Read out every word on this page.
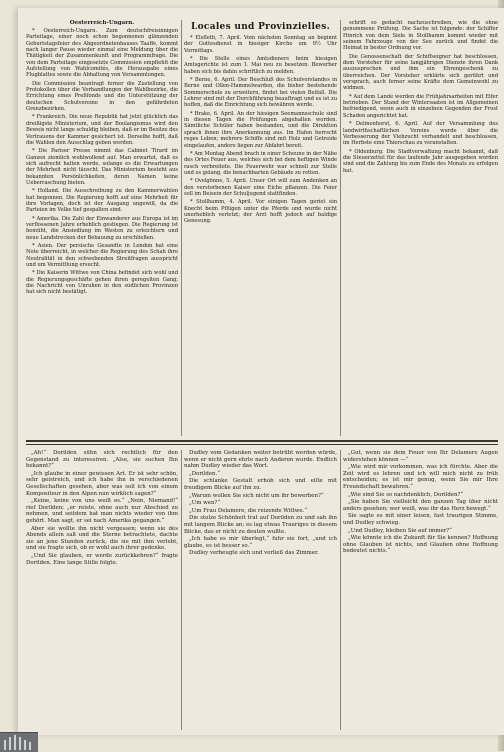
Oesterreich-Ungarn.

* Oesterreich-Ungarn. Zum deutschfreisinnigen Parteitage, einer noch schon begonnenen glänzenden Geburtstagsfeier des Abgeordnetenhauses Taaffe, kommt nach langer Pause wieder einmal eine Meldung über die Thätigkeit der Zusammenkunft und Programmfrage. Die von dem Parteitage eingesetzte Commission empfiehlt die Aufstellung von Wahlcomités, die Herausgabe eines Flugblattes sowie die Abhaltung von Versammlungen.

Die Commission beantragt ferner die Zustellung von Protokollen über die Verhandlungen der Wahlbezirke, die Errichtung eines Preßfonds und die Unterstützung der deutschen Schulvereine in den gefährdeten Grenzbezirken.

* Frankreich. Die neue Republik hat jetzt glücklich das dreißigste Ministerium, und der Boulangismus wird den Beweis nicht lange schuldig bleiben, daß er im Besitze des Vertrauens der Kammer gesichert ist. Derselbe hofft, daß die Wahlen den Ausschlag geben werden.

* Die Pariser Presse nimmt das Cabinet Tirard im Ganzen ziemlich wohlwollend auf. Man erwartet, daß es sich aufrecht halten werde, solange es die Erwartungen der Mehrheit nicht täuscht. Das Ministerium besteht aus bekannten Persönlichkeiten, deren Namen keine Ueberraschung bieten.

* Holland. Die Ausschreibung zu den Kammerwahlen hat begonnen. Die Regierung hofft auf eine Mehrheit für ihre Vorlagen, doch ist der Ausgang ungewiß, da die Parteien im Volke tief gespalten sind.

* Amerika. Die Zahl der Einwanderer aus Europa ist im verflossenen Jahre erheblich gestiegen. Die Regierung ist bemüht, die Ansiedlung im Westen zu erleichtern und neue Landstrecken der Bebauung zu erschließen.

* Asien. Der persische Gesandte in London hat eine Note überreicht, in welcher die Regierung des Schah ihre Neutralität in den schwebenden Streitfragen ausspricht und um Vermittlung ersucht.

* Die Kaiserin Wittwe von China befindet sich wohl und die Regierungsgeschäfte gehen ihren geregelten Gang; die Nachricht von Unruhen in den südlichen Provinzen hat sich nicht bestätigt.

Locales und Provinzielles.

* Elsfleth, 7. April. Vom nächsten Sonntag an beginnt der Gottesdienst in hiesiger Kirche um 9½ Uhr Vormittags.

* Die Stelle eines Amtsdieners beim hiesigen Amtsgerichte ist zum 1. Mai neu zu besetzen. Bewerber haben sich bis dahin schriftlich zu melden.

* Berne, 6. April. Der Beschluß des Schulvorstandes in Berne und Ollen-Hammelwarden, die bisher bestehende Sommerschule zu erweitern, findet bei vielen Beifall. Die Lehrer sind mit der Durchführung beauftragt und es ist zu hoffen, daß die Einrichtung sich bewähren werde.

* Brake, 6. April. An der hiesigen Seemannsschule sind in diesen Tagen die Prüfungen abgehalten worden. Sämtliche Schüler haben bestanden, und die Direktion sprach ihnen ihre Anerkennung aus. Im Hafen herrscht reges Leben; mehrere Schiffe sind mit Holz und Getreide eingelaufen, andere liegen zur Abfahrt bereit.

* Am Montag Abend brach in einer Scheune in der Nähe des Ortes Feuer aus, welches sich bei dem heftigen Winde rasch verbreitete. Die Feuerwehr war schnell zur Stelle und es gelang, die benachbarten Gebäude zu retten.

* Ovelgönne, 5. April. Unser Ort will zum Andenken an den verstorbenen Kaiser eine Eiche pflanzen. Die Feier soll im Beisein der Schuljugend stattfinden.

* Stollhamm, 4. April. Vor einigen Tagen geriet ein Knecht beim Pflügen unter die Pferde und wurde nicht unerheblich verletzt; der Arzt hofft jedoch auf baldige Genesung.

schrift so gedacht nachzuschreiben, wie die ohne genommene Prüfung. Die Sache ist folgende: der Schiffer Hinrich von dem Siele in Stollhamm kommt wieder mit seinem Fahrzeuge von der See zurück und findet die Heimat in bester Ordnung vor.

Die Genossenschaft der Schiffseigner hat beschlossen, dem Vorsteher für seine langjährigen Dienste ihren Dank auszusprechen und ihm ein Ehrengeschenk zu überreichen. Der Vorsteher erklärte sich gerührt und versprach, auch ferner seine Kräfte dem Gemeinwohl zu widmen.

* Auf dem Lande werden die Frühjahrsarbeiten mit Eifer betrieben. Der Stand der Wintersaaten ist im Allgemeinen befriedigend, wenn auch in einzelnen Gegenden der Frost Schaden angerichtet hat.

* Delmenhorst, 6. April. Auf der Versammlung des landwirthschaftlichen Vereins wurde über die Verbesserung der Viehzucht verhandelt und beschlossen, im Herbste eine Thierschau zu veranstalten.

* Oldenburg. Die Stadtverwaltung macht bekannt, daß die Steuerzettel für das laufende Jahr ausgegeben worden sind und die Zahlung bis zum Ende des Monats zu erfolgen hat.

„Ah!“ Dorilden sühn sich rechtlich für den Gegenstand zu interessiren. „Also, sie suchen Ihn bekannt?“

„Ich glaube in einer gewissen Art. Er ist sehr schön, sehr geistreich, und ich habe ihn in verschiedenen Gesellschaften gesehen, aber was soll ich von einem Kompositeur in den Alpen nun wirklich sagen?“

„Keine, keine von uns weiß es.“ „Nein, Niemand!“ rief Dorilden; „er reiste, ohne auch nur Abschied zu nehmen, und seitdem hat man nichts wieder von ihm gehört. Man sagt, er sei nach Amerika gegangen.“

Aber sie wollte ihn nicht vergessen; wenn sie des Abends allein saß und die Sterne betrachtete, dachte sie an jene Stunden zurück, die sie mit ihm verlebt, und sie fragte sich, ob er wohl auch ihrer gedenke.

„Und Sie glauben, er werde zurückkehren?“ fragte Dorilden. Eine lange Stille folgte.

Dudley vom Gedanken weiter betrübt werden würde, wenn er nicht gern ehrte nach Anderen wurde. Endlich nahm Dudley wieder das Wort.

„Dorilden.“

Die schlanke Gestalt erhob sich und eilte mit freudigem Blicke auf ihn zu.

„Warum wollen Sie sich nicht um ihr bewerben?“

„Um wen?“

„Um Frau Delamere, die reizende Wittwe.“

Die stolze Schönheit trat auf Dorilden zu und sah ihn mit langem Blicke an; es lag etwas Trauriges in diesem Blicke, das er nicht zu deuten wußte.

„Ich habe es mir überlegt,“ fuhr sie fort, „und ich glaube, es ist besser so.“

Dudley verbeugte sich und verließ das Zimmer.

„Gut, wenn sie dem Feuer von Ihr Delamere Augen widerstehen können —“

„Wie wird mir vorkommen, was ich fürchte. Aber die Zeit wird es lehren und ich will mich nicht zu früh entscheiden; es ist mir genug, wenn Sie mir Ihre Freundschaft bewahren.“

„Wie sind Sie so nachdenklich, Dorilden?“

„Sie haben Sie vielleicht den ganzen Tag über nicht anders gesehen; wer weiß, was ihr das Herz bewegt.“

Sie sagte es mit einer leisen, fast traurigen Stimme, und Dudley schwieg.

„Und Dudley, bleiben Sie auf immer?“

„Wie könnte ich die Zukunft für Sie kennen? Hoffnung ohne Glauben ist nichts, und Glauben ohne Hoffnung bedeutet nichts.“
